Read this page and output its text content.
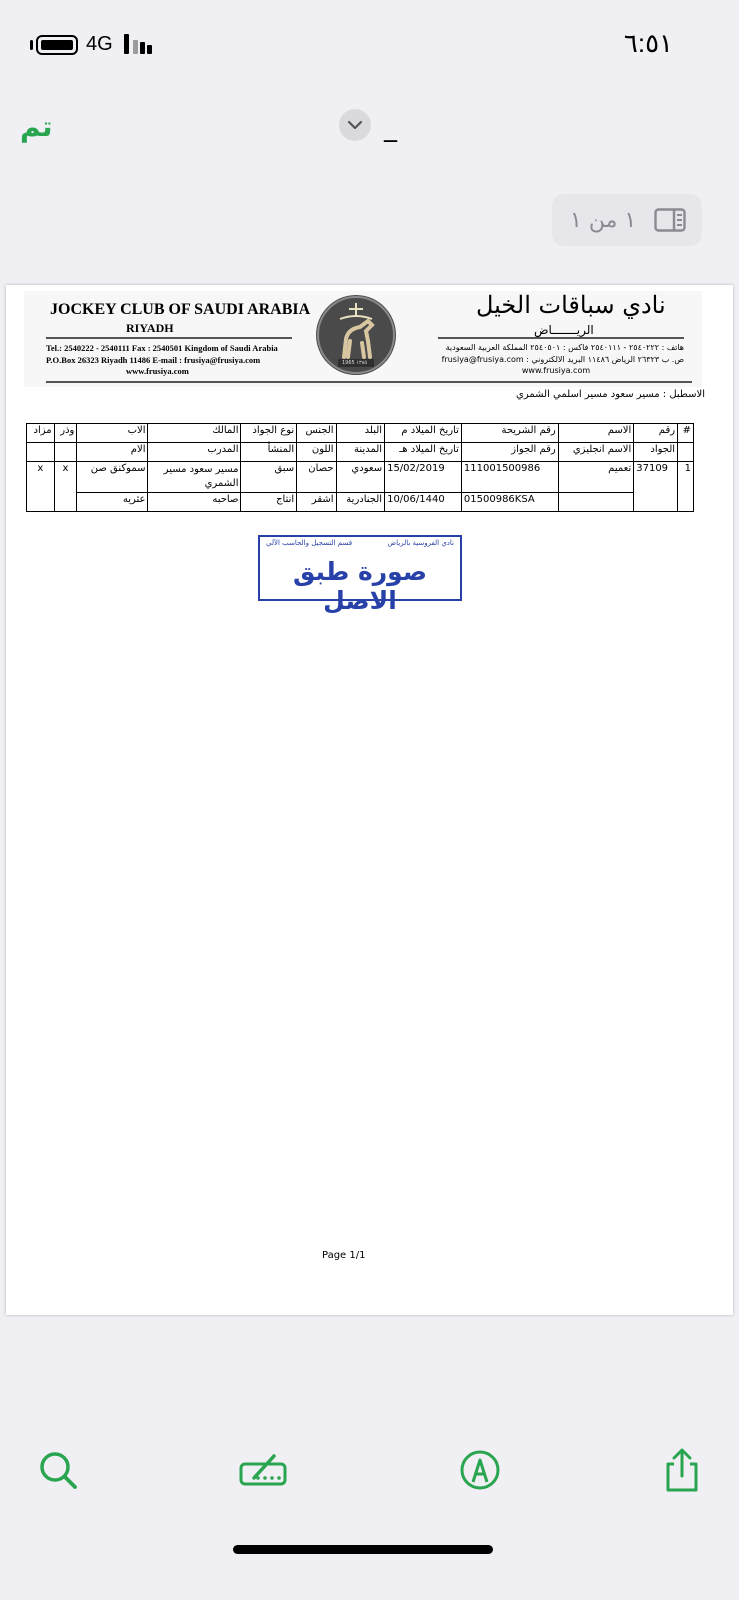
4G	٦:٥١
تم	_
١ من ١
JOCKEY CLUB OF SAUDI ARABIA
RIYADH
Tel.: 2540222 - 2540111 Fax : 2540501 Kingdom of Saudi Arabia
P.O.Box 26323 Riyadh 11486 E-mail : frusiya@frusiya.com
www.frusiya.com
1965 ١٣٨٥
نادي سباقات الخيل
الريـــــــاض
هاتف : ٢٥٤٠٢٢٢ - ٢٥٤٠١١١ فاكس : ٢٥٤٠٥٠١ المملكة العربية السعودية
ص. ب ٢٦٣٢٣ الرياض ١١٤٨٦ البريد الالكتروني : frusiya@frusiya.com
www.frusiya.com
الاسطبل : مسير سعود مسير اسلمي الشمري
#	رقم	الاسم	رقم الشريحة	تاريخ الميلاد م	البلد	الجنس	نوع الجواد	المالك	الاب	وذر	مزاد
	الجواد	الاسم انجليزي	رقم الجواز	تاريخ الميلاد هـ	المدينة	اللون	المنشأ	المدرب	الام		
1	37109	تعميم	111001500986	15/02/2019	سعودي	حصان	سبق	مسير سعود مسير الشمري	سموكنق صن	x	x
			01500986KSA	10/06/1440	الجنادرية	اشقر	انتاج	صاحبه	عثريه		
نادي الفروسية بالرياض
قسم التسجيل والحاسب الآلي
صورة طبق الاصل
Page 1/1
